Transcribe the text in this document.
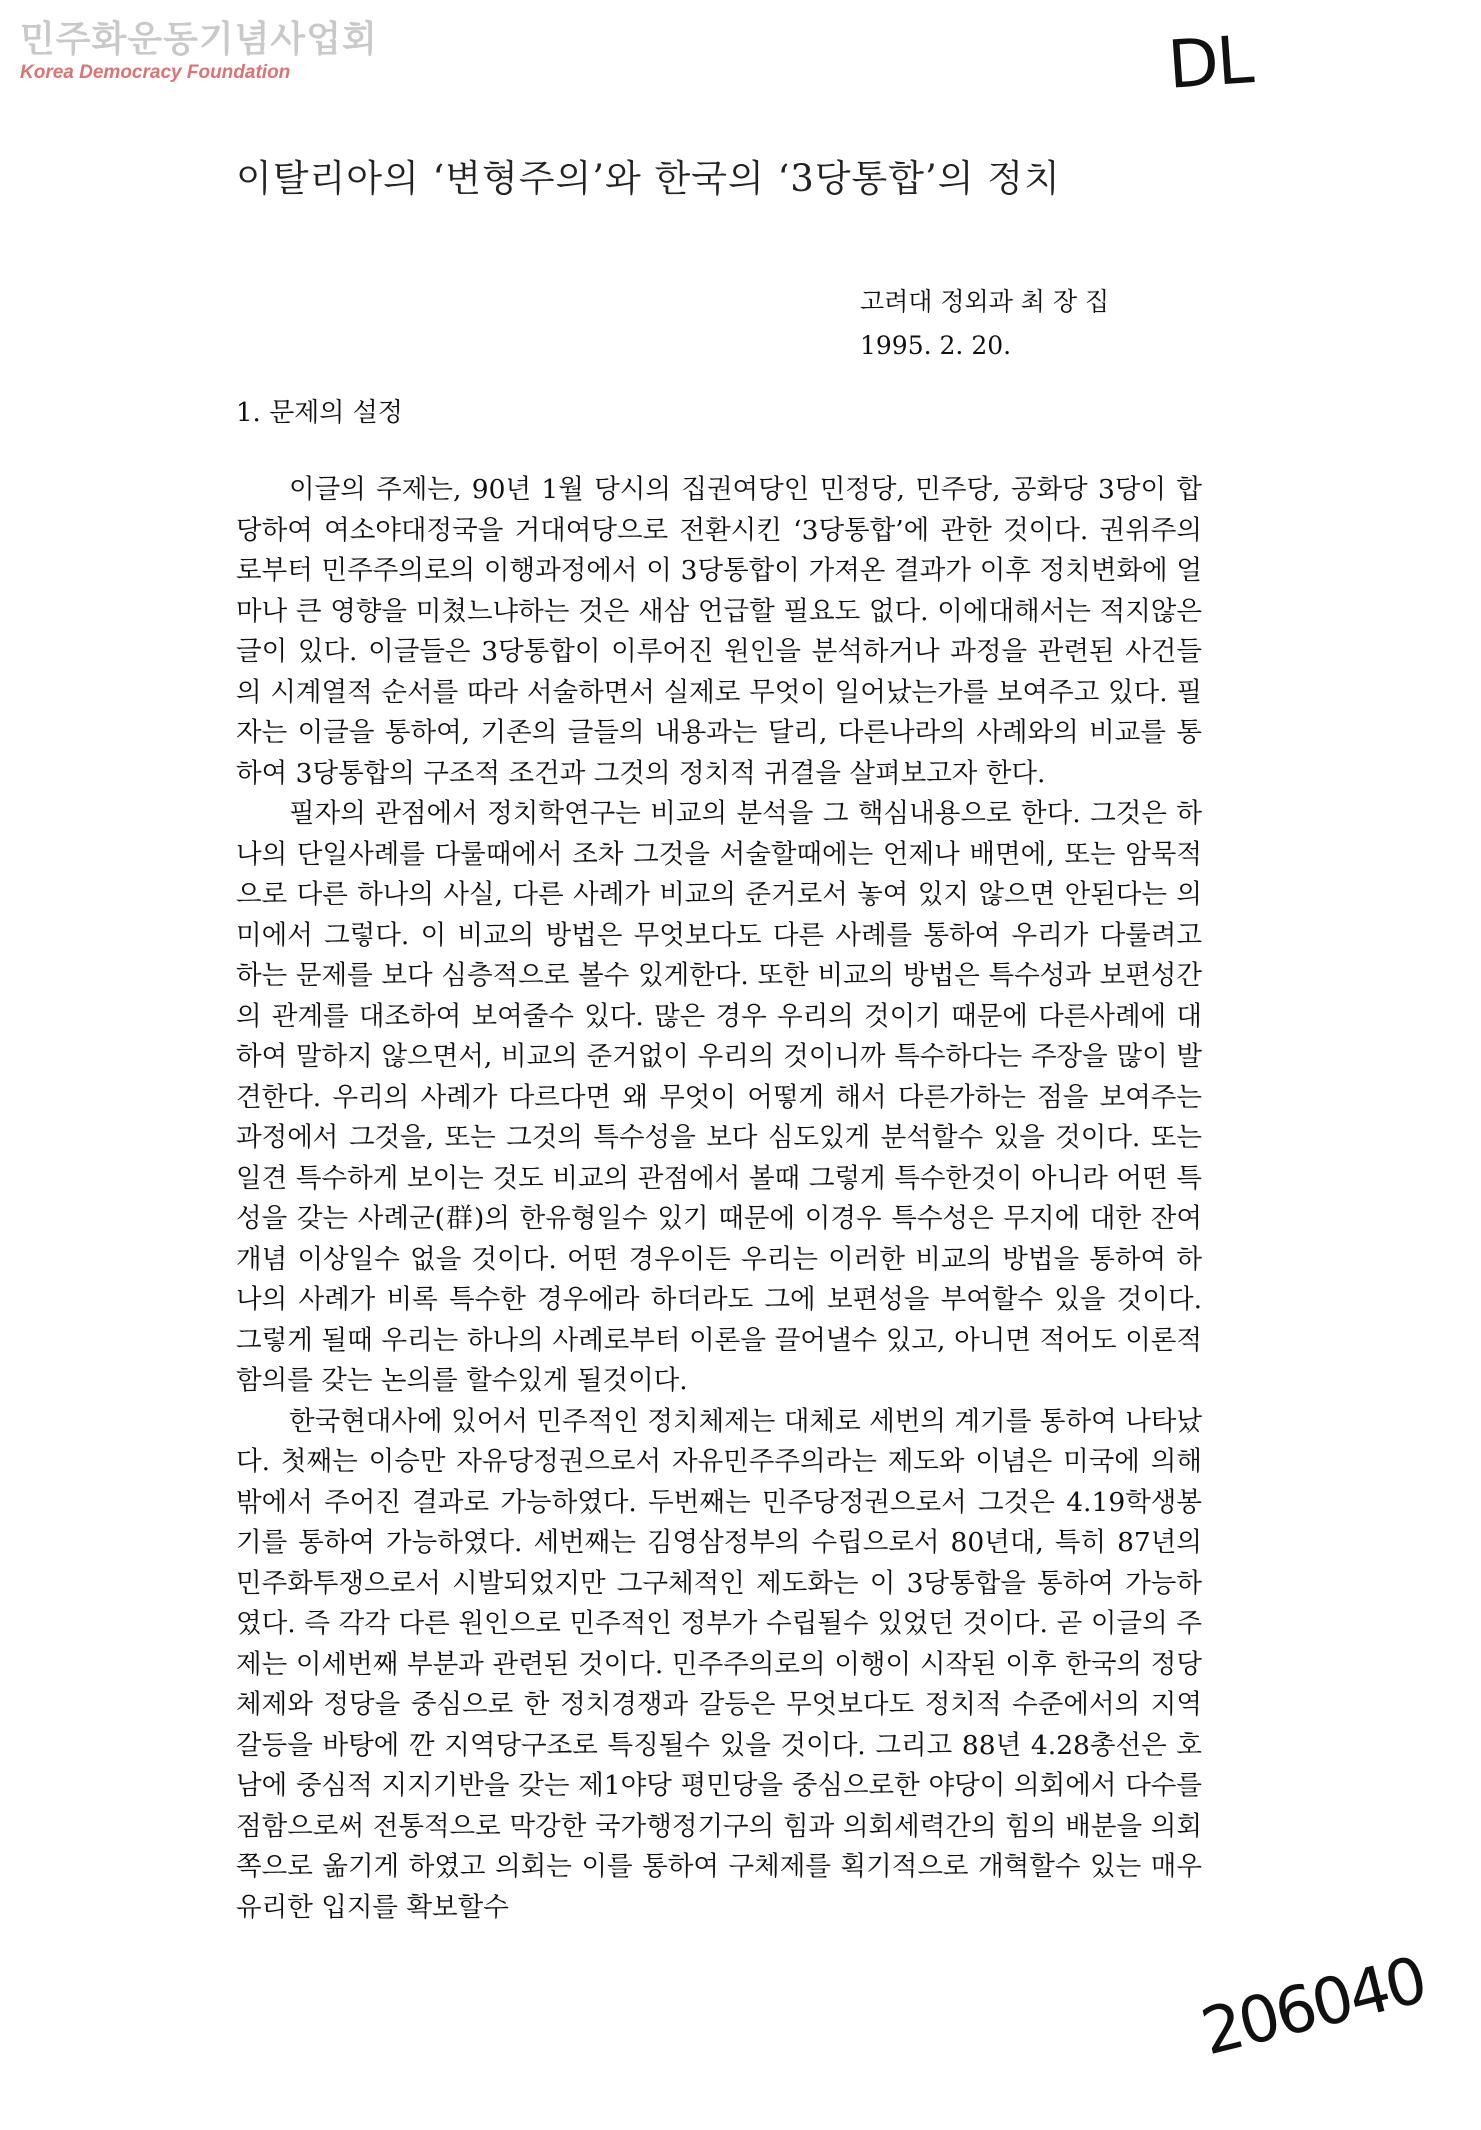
민주화운동기념사업회
Korea Democracy Foundation	DL
이탈리아의 ‘변형주의’와 한국의 ‘3당통합’의 정치
고려대 정외과 최 장 집
1995. 2. 20.
1. 문제의 설정

이글의 주제는, 90년 1월 당시의 집권여당인 민정당, 민주당, 공화당 3당이 합당하여 여소야대정국을 거대여당으로 전환시킨 ‘3당통합’에 관한 것이다. 권위주의로부터 민주주의로의 이행과정에서 이 3당통합이 가져온 결과가 이후 정치변화에 얼마나 큰 영향을 미쳤느냐하는 것은 새삼 언급할 필요도 없다. 이에대해서는 적지않은 글이 있다. 이글들은 3당통합이 이루어진 원인을 분석하거나 과정을 관련된 사건들의 시계열적 순서를 따라 서술하면서 실제로 무엇이 일어났는가를 보여주고 있다. 필자는 이글을 통하여, 기존의 글들의 내용과는 달리, 다른나라의 사례와의 비교를 통하여 3당통합의 구조적 조건과 그것의 정치적 귀결을 살펴보고자 한다.

필자의 관점에서 정치학연구는 비교의 분석을 그 핵심내용으로 한다. 그것은 하나의 단일사례를 다룰때에서 조차 그것을 서술할때에는 언제나 배면에, 또는 암묵적으로 다른 하나의 사실, 다른 사례가 비교의 준거로서 놓여 있지 않으면 안된다는 의미에서 그렇다. 이 비교의 방법은 무엇보다도 다른 사례를 통하여 우리가 다룰려고 하는 문제를 보다 심층적으로 볼수 있게한다. 또한 비교의 방법은 특수성과 보편성간의 관계를 대조하여 보여줄수 있다. 많은 경우 우리의 것이기 때문에 다른사례에 대하여 말하지 않으면서, 비교의 준거없이 우리의 것이니까 특수하다는 주장을 많이 발견한다. 우리의 사례가 다르다면 왜 무엇이 어떻게 해서 다른가하는 점을 보여주는 과정에서 그것을, 또는 그것의 특수성을 보다 심도있게 분석할수 있을 것이다. 또는 일견 특수하게 보이는 것도 비교의 관점에서 볼때 그렇게 특수한것이 아니라 어떤 특성을 갖는 사례군(群)의 한유형일수 있기 때문에 이경우 특수성은 무지에 대한 잔여개념 이상일수 없을 것이다. 어떤 경우이든 우리는 이러한 비교의 방법을 통하여 하나의 사례가 비록 특수한 경우에라 하더라도 그에 보편성을 부여할수 있을 것이다. 그렇게 될때 우리는 하나의 사례로부터 이론을 끌어낼수 있고, 아니면 적어도 이론적 함의를 갖는 논의를 할수있게 될것이다.

한국현대사에 있어서 민주적인 정치체제는 대체로 세번의 계기를 통하여 나타났다. 첫째는 이승만 자유당정권으로서 자유민주주의라는 제도와 이념은 미국에 의해 밖에서 주어진 결과로 가능하였다. 두번째는 민주당정권으로서 그것은 4.19학생봉기를 통하여 가능하였다. 세번째는 김영삼정부의 수립으로서 80년대, 특히 87년의 민주화투쟁으로서 시발되었지만 그구체적인 제도화는 이 3당통합을 통하여 가능하였다. 즉 각각 다른 원인으로 민주적인 정부가 수립될수 있었던 것이다. 곧 이글의 주제는 이세번째 부분과 관련된 것이다. 민주주의로의 이행이 시작된 이후 한국의 정당체제와 정당을 중심으로 한 정치경쟁과 갈등은 무엇보다도 정치적 수준에서의 지역갈등을 바탕에 깐 지역당구조로 특징될수 있을 것이다. 그리고 88년 4.28총선은 호남에 중심적 지지기반을 갖는 제1야당 평민당을 중심으로한 야당이 의회에서 다수를 점함으로써 전통적으로 막강한 국가행정기구의 힘과 의회세력간의 힘의 배분을 의회쪽으로 옮기게 하였고 의회는 이를 통하여 구체제를 획기적으로 개혁할수 있는 매우 유리한 입지를 확보할수

206040
